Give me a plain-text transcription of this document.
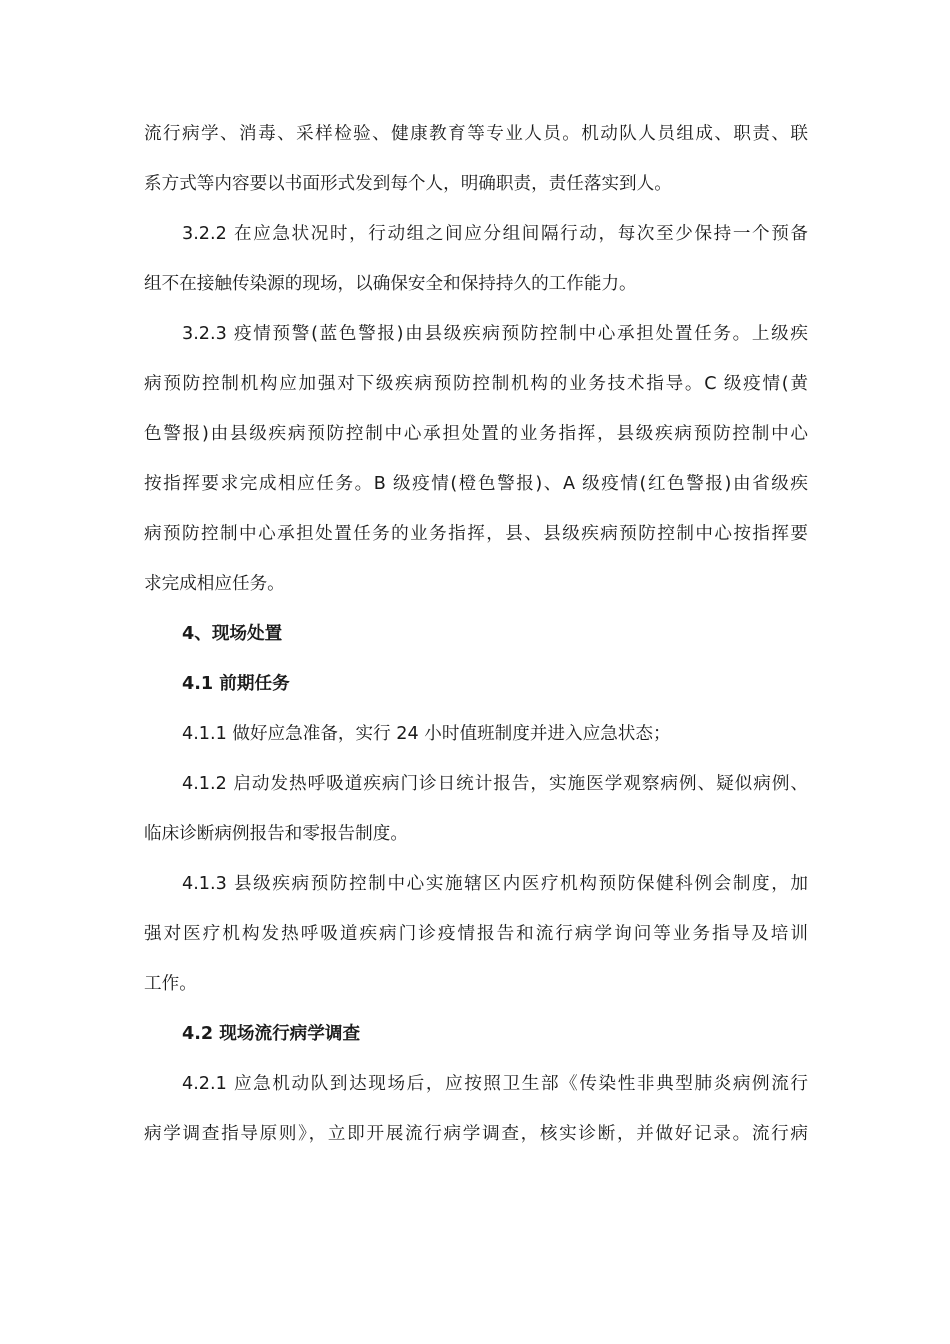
流行病学、消毒、采样检验、健康教育等专业人员。机动队人员组成、职责、联
系方式等内容要以书面形式发到每个人，明确职责，责任落实到人。
3.2.2 在应急状况时，行动组之间应分组间隔行动，每次至少保持一个预备
组不在接触传染源的现场，以确保安全和保持持久的工作能力。
3.2.3 疫情预警(蓝色警报)由县级疾病预防控制中心承担处置任务。上级疾
病预防控制机构应加强对下级疾病预防控制机构的业务技术指导。C 级疫情(黄
色警报)由县级疾病预防控制中心承担处置的业务指挥，县级疾病预防控制中心
按指挥要求完成相应任务。B 级疫情(橙色警报)、A 级疫情(红色警报)由省级疾
病预防控制中心承担处置任务的业务指挥，县、县级疾病预防控制中心按指挥要
求完成相应任务。
4、现场处置
4.1 前期任务
4.1.1 做好应急准备，实行 24 小时值班制度并进入应急状态；
4.1.2 启动发热呼吸道疾病门诊日统计报告，实施医学观察病例、疑似病例、
临床诊断病例报告和零报告制度。
4.1.3 县级疾病预防控制中心实施辖区内医疗机构预防保健科例会制度，加
强对医疗机构发热呼吸道疾病门诊疫情报告和流行病学询问等业务指导及培训
工作。
4.2 现场流行病学调查
4.2.1 应急机动队到达现场后，应按照卫生部《传染性非典型肺炎病例流行
病学调查指导原则》，立即开展流行病学调查，核实诊断，并做好记录。流行病
